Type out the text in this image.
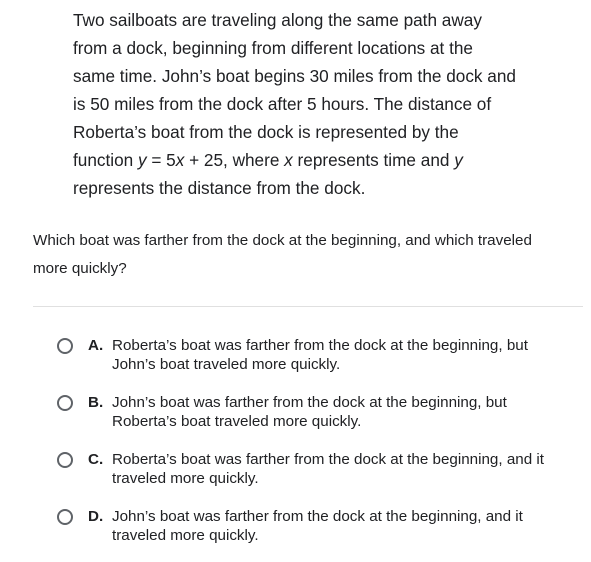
Two sailboats are traveling along the same path away
from a dock, beginning from different locations at the
same time. John’s boat begins 30 miles from the dock and
is 50 miles from the dock after 5 hours. The distance of
Roberta’s boat from the dock is represented by the
function y = 5x + 25, where x represents time and y
represents the distance from the dock.
Which boat was farther from the dock at the beginning, and which traveled
more quickly?
A. Roberta’s boat was farther from the dock at the beginning, but
John’s boat traveled more quickly.
B. John’s boat was farther from the dock at the beginning, but
Roberta’s boat traveled more quickly.
C. Roberta’s boat was farther from the dock at the beginning, and it
traveled more quickly.
D. John’s boat was farther from the dock at the beginning, and it
traveled more quickly.
